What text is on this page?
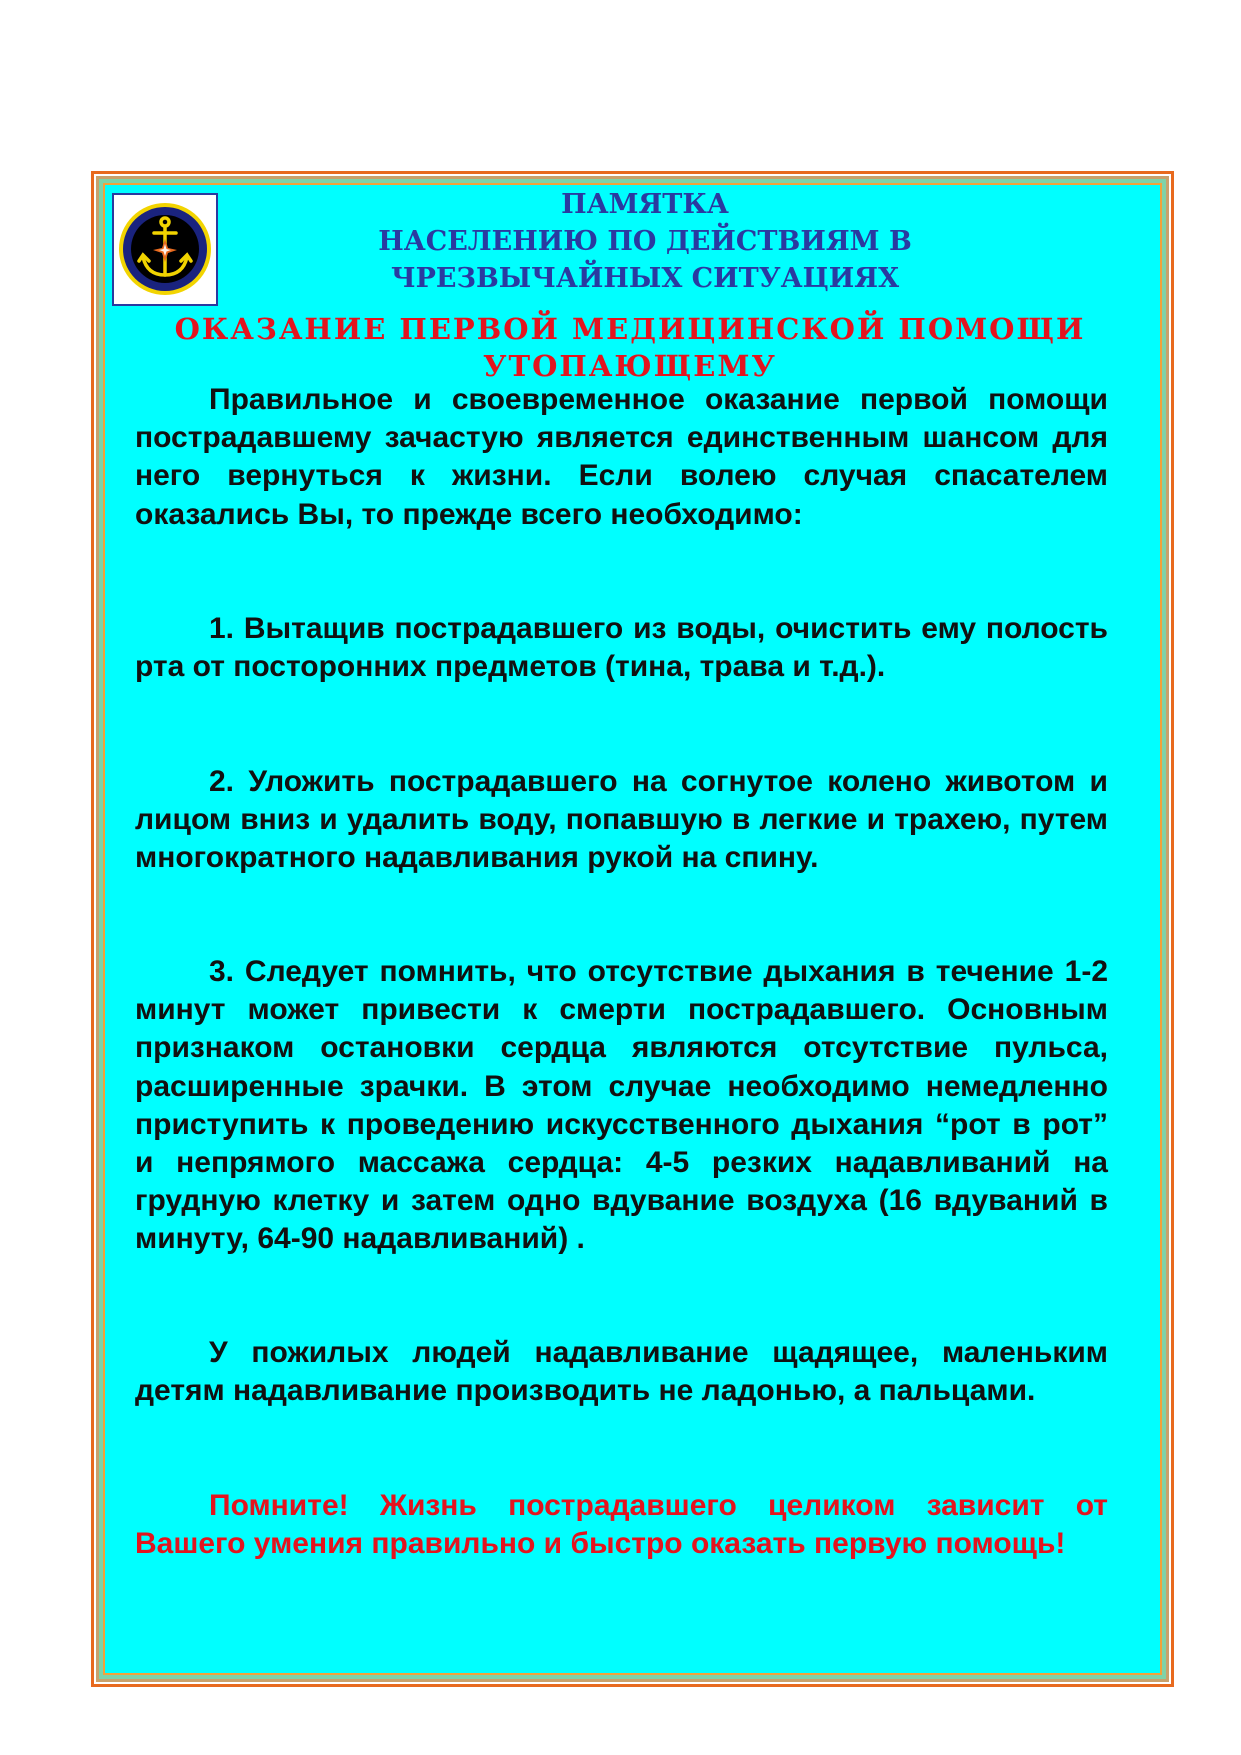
ПАМЯТКА
НАСЕЛЕНИЮ ПО ДЕЙСТВИЯМ В
ЧРЕЗВЫЧАЙНЫХ СИТУАЦИЯХ
ОКАЗАНИЕ ПЕРВОЙ МЕДИЦИНСКОЙ ПОМОЩИ
УТОПАЮЩЕМУ

Правильное и своевременное оказание первой помощи пострадавшему зачастую является единственным шансом для него вернуться к жизни. Если волею случая спасателем оказались Вы, то прежде всего необходимо:

1. Вытащив пострадавшего из воды, очистить ему полость рта от посторонних предметов (тина, трава и т.д.).

2. Уложить пострадавшего на согнутое колено животом и лицом вниз и удалить воду, попавшую в легкие и трахею, путем многократного надавливания рукой на спину.

3. Следует помнить, что отсутствие дыхания в течение 1-2 минут может привести к смерти пострадавшего. Основным признаком остановки сердца являются отсутствие пульса, расширенные зрачки. В этом случае необходимо немедленно приступить к проведению искусственного дыхания “рот в рот” и непрямого массажа сердца: 4-5 резких надавливаний на грудную клетку и затем одно вдувание воздуха (16 вдуваний в минуту, 64-90 надавливаний) .

У пожилых людей надавливание щадящее, маленьким детям надавливание производить не ладонью, а пальцами.

Помните! Жизнь пострадавшего целиком зависит от Вашего умения правильно и быстро оказать первую помощь!
